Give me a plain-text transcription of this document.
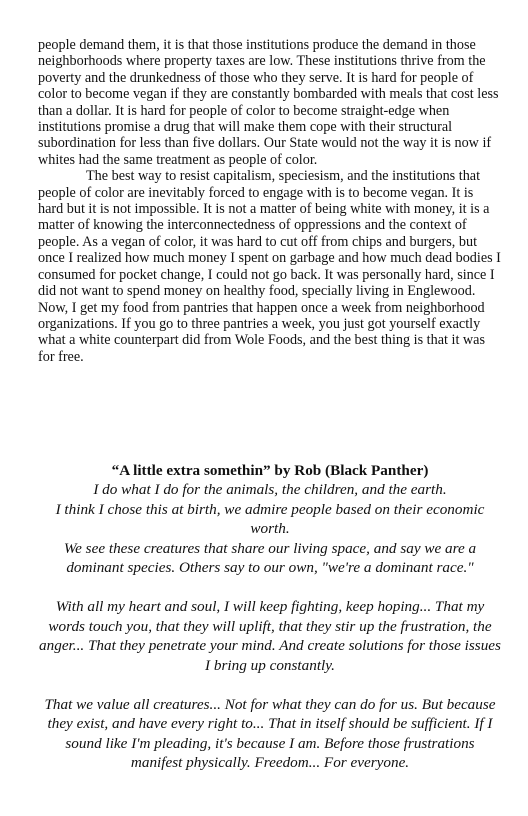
people demand them, it is that those institutions produce the demand in those neighborhoods where property taxes are low. These institutions thrive from the poverty and the drunkedness of those who they serve. It is hard for people of color to become vegan if they are constantly bombarded with meals that cost less than a dollar. It is hard for people of color to become straight-edge when institutions promise a drug that will make them cope with their structural subordination for less than five dollars. Our State would not the way it is now if whites had the same treatment as people of color.

The best way to resist capitalism, speciesism, and the institutions that people of color are inevitably forced to engage with is to become vegan. It is hard but it is not impossible. It is not a matter of being white with money, it is a matter of knowing the interconnectedness of oppressions and the context of people. As a vegan of color, it was hard to cut off from chips and burgers, but once I realized how much money I spent on garbage and how much dead bodies I consumed for pocket change, I could not go back. It was personally hard, since I did not want to spend money on healthy food, specially living in Englewood. Now, I get my food from pantries that happen once a week from neighborhood organizations. If you go to three pantries a week, you just got yourself exactly what a white counterpart did from Wole Foods, and the best thing is that it was for free.

“A little extra somethin” by Rob (Black Panther)

I do what I do for the animals, the children, and the earth.
I think I chose this at birth, we admire people based on their economic worth.
We see these creatures that share our living space, and say we are a dominant species. Others say to our own, "we're a dominant race."

With all my heart and soul, I will keep fighting, keep hoping... That my words touch you, that they will uplift, that they stir up the frustration, the anger... That they penetrate your mind. And create solutions for those issues I bring up constantly.

That we value all creatures... Not for what they can do for us. But because they exist, and have every right to... That in itself should be sufficient. If I sound like I'm pleading, it's because I am. Before those frustrations manifest physically. Freedom... For everyone.
